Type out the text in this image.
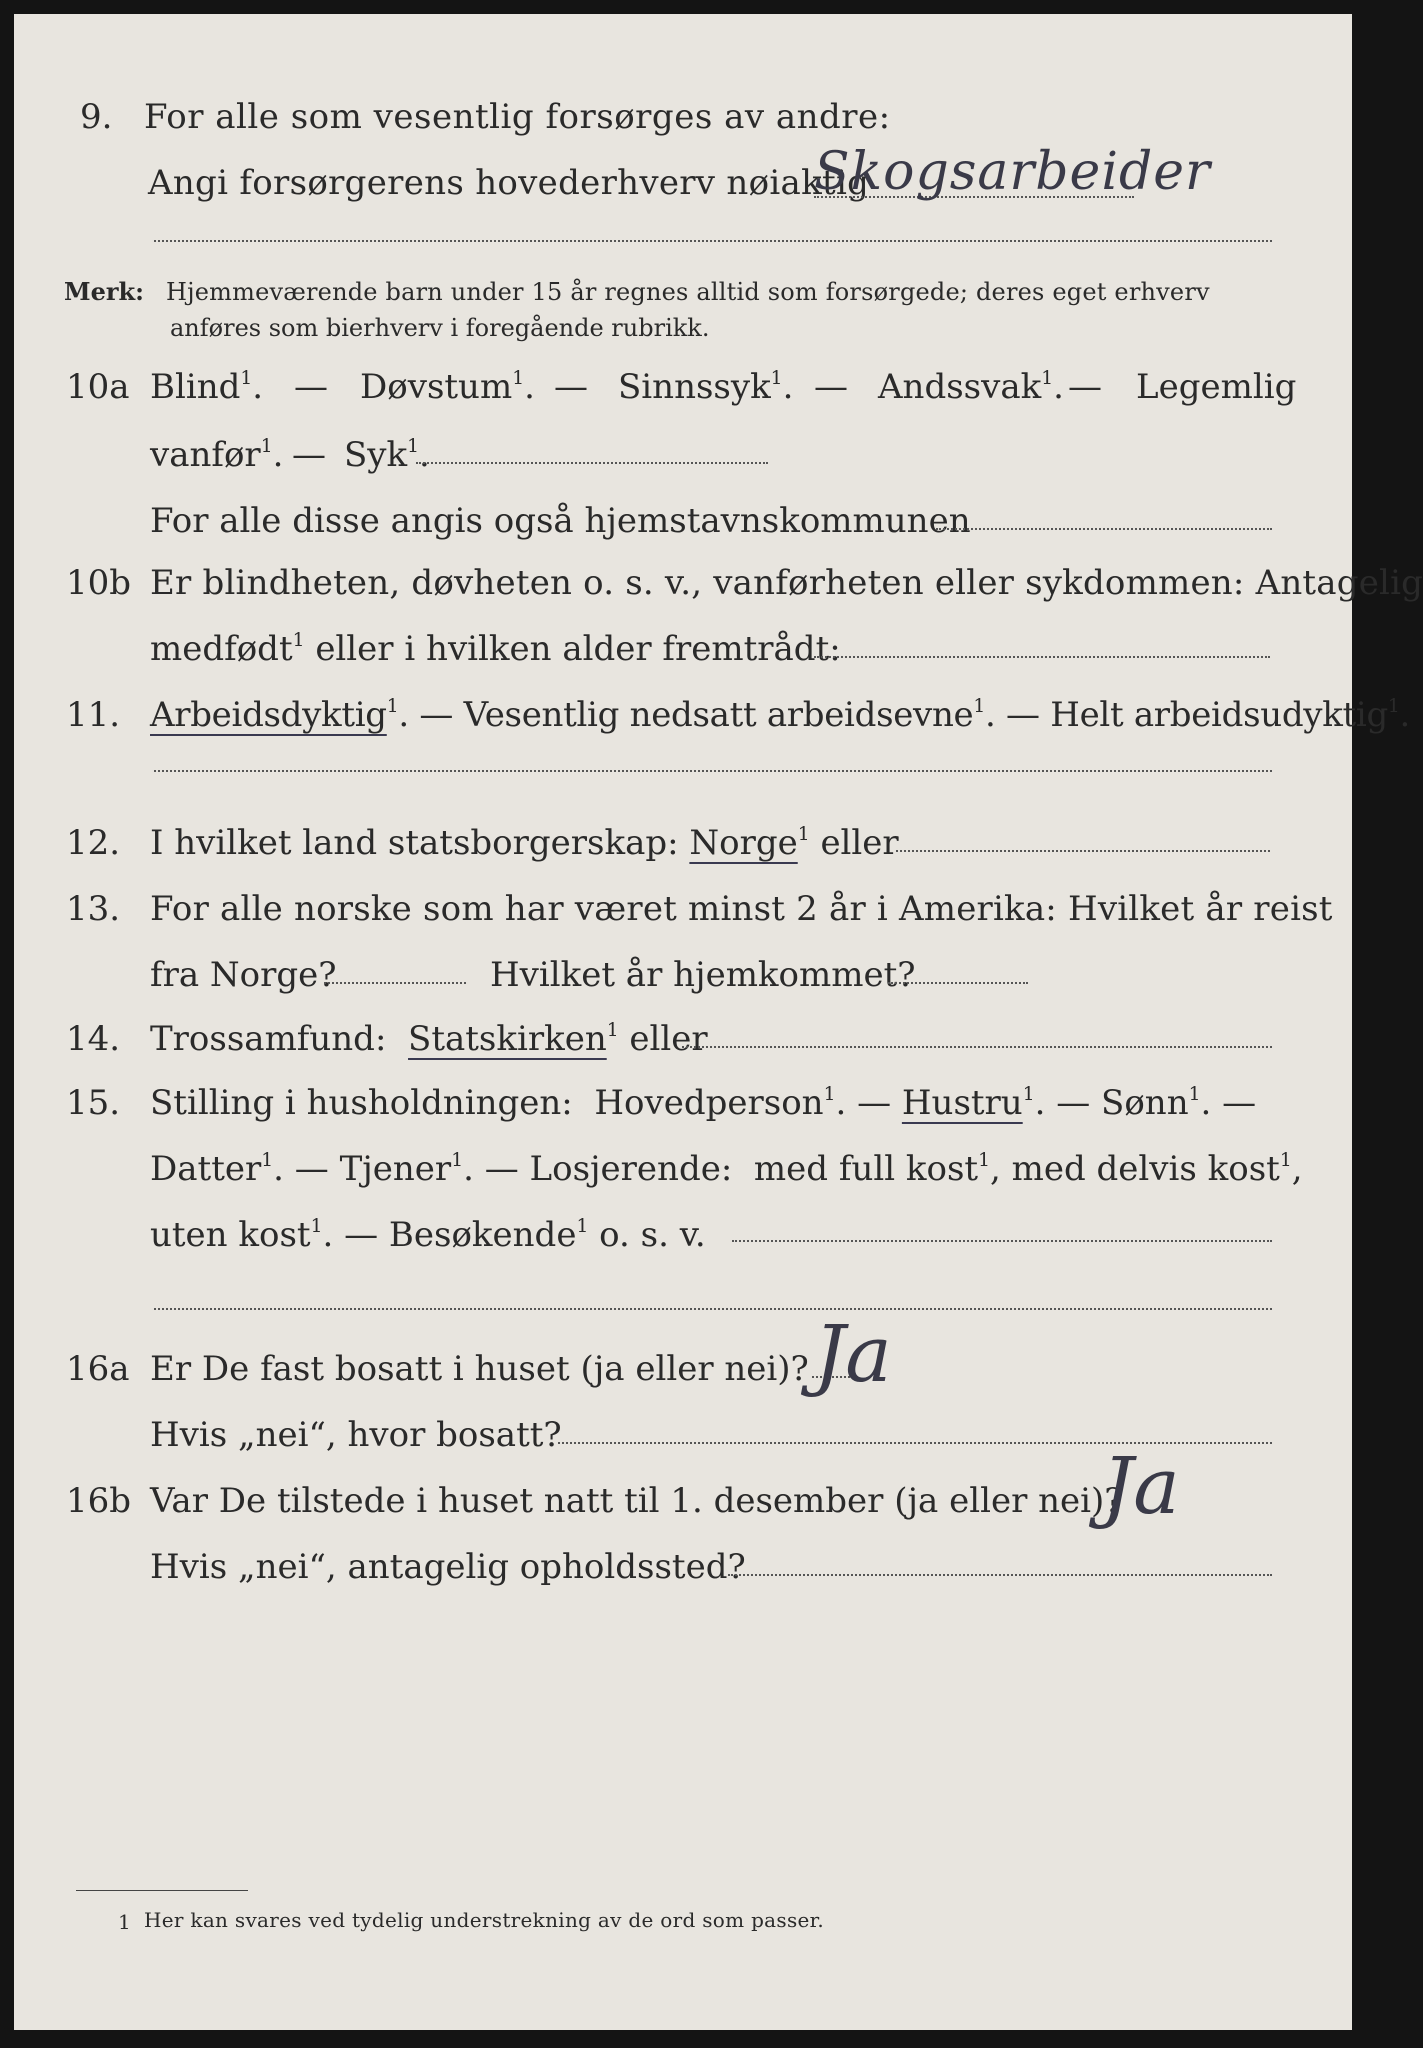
9. For alle som vesentlig forsørges av andre:
Angi forsørgerens hovederhverv nøiaktig
Skogsarbeider
Merk: Hjemmeværende barn under 15 år regnes alltid som forsørgede; deres eget erhverv
anføres som bierhverv i foregående rubrikk.
10a Blind$^1$. — Døvstum$^1$. — Sinnssyk$^1$. — Andssvak$^1$. — Legemlig
vanfør$^1$. — Syk$^1$.
For alle disse angis også hjemstavnskommunen
10b Er blindheten, døvheten o. s. v., vanførheten eller sykdommen: Antagelig
medfødt$^1$ eller i hvilken alder fremtrådt:
11. Arbeidsdyktig$^1$. — Vesentlig nedsatt arbeidsevne$^1$. — Helt arbeidsudyktig$^1$.
12. I hvilket land statsborgerskap: Norge$^1$ eller
13. For alle norske som har været minst 2 år i Amerika: Hvilket år reist
fra Norge?	Hvilket år hjemkommet?
14. Trossamfund: Statskirken$^1$ eller
15. Stilling i husholdningen: Hovedperson$^1$. — Hustru$^1$. — Sønn$^1$. —
Datter$^1$. — Tjener$^1$. — Losjerende: med full kost$^1$, med delvis kost$^1$,
uten kost$^1$. — Besøkende$^1$ o. s. v.
16a Er De fast bosatt i huset (ja eller nei)? Ja
Hvis „nei“, hvor bosatt?
16b Var De tilstede i huset natt til 1. desember (ja eller nei)?
Ja
Hvis „nei“, antagelig opholdssted?
1 Her kan svares ved tydelig understrekning av de ord som passer.
